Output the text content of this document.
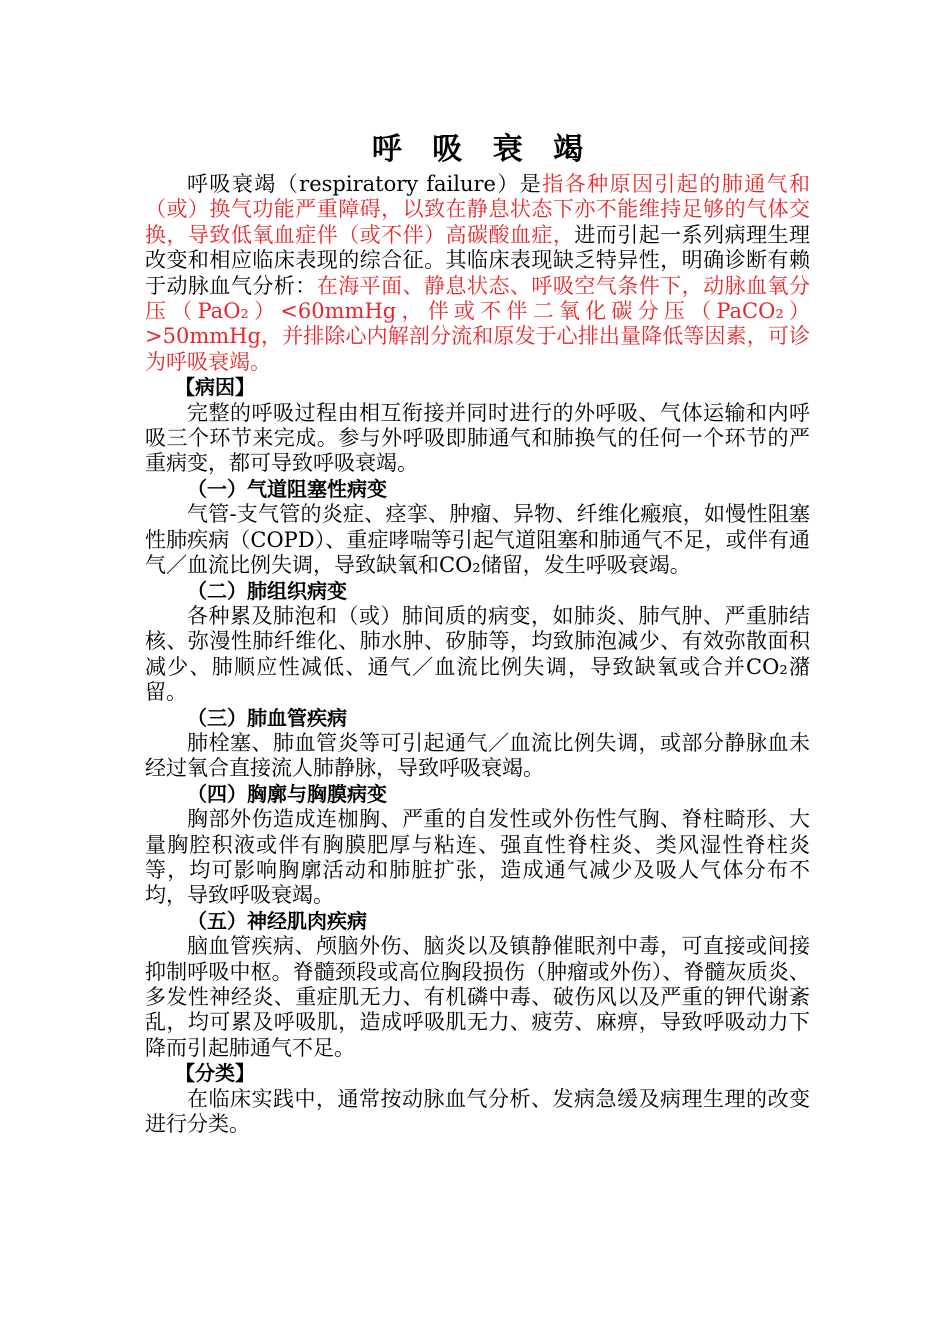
呼 吸 衰 竭

呼吸衰竭（respiratory failure）是指各种原因引起的肺通气和（或）换气功能严重障碍，以致在静息状态下亦不能维持足够的气体交换，导致低氧血症伴（或不伴）高碳酸血症，进而引起一系列病理生理改变和相应临床表现的综合征。其临床表现缺乏特异性，明确诊断有赖于动脉血气分析：在海平面、静息状态、呼吸空气条件下，动脉血氧分压（PaO₂）<60mmHg，伴或不伴二氧化碳分压（PaCO₂）>50mmHg，并排除心内解剖分流和原发于心排出量降低等因素，可诊为呼吸衰竭。

【病因】

完整的呼吸过程由相互衔接并同时进行的外呼吸、气体运输和内呼吸三个环节来完成。参与外呼吸即肺通气和肺换气的任何一个环节的严重病变，都可导致呼吸衰竭。

（一）气道阻塞性病变

气管-支气管的炎症、痉挛、肿瘤、异物、纤维化瘢痕，如慢性阻塞性肺疾病（COPD）、重症哮喘等引起气道阻塞和肺通气不足，或伴有通气／血流比例失调，导致缺氧和CO₂储留，发生呼吸衰竭。

（二）肺组织病变

各种累及肺泡和（或）肺间质的病变，如肺炎、肺气肿、严重肺结核、弥漫性肺纤维化、肺水肿、矽肺等，均致肺泡减少、有效弥散面积减少、肺顺应性减低、通气／血流比例失调，导致缺氧或合并CO₂潴留。

（三）肺血管疾病

肺栓塞、肺血管炎等可引起通气／血流比例失调，或部分静脉血未经过氧合直接流人肺静脉，导致呼吸衰竭。

（四）胸廓与胸膜病变

胸部外伤造成连枷胸、严重的自发性或外伤性气胸、脊柱畸形、大量胸腔积液或伴有胸膜肥厚与粘连、强直性脊柱炎、类风湿性脊柱炎等，均可影响胸廓活动和肺脏扩张，造成通气减少及吸人气体分布不均，导致呼吸衰竭。

（五）神经肌肉疾病

脑血管疾病、颅脑外伤、脑炎以及镇静催眠剂中毒，可直接或间接抑制呼吸中枢。脊髓颈段或高位胸段损伤（肿瘤或外伤）、脊髓灰质炎、多发性神经炎、重症肌无力、有机磷中毒、破伤风以及严重的钾代谢紊乱，均可累及呼吸肌，造成呼吸肌无力、疲劳、麻痹，导致呼吸动力下降而引起肺通气不足。

【分类】

在临床实践中，通常按动脉血气分析、发病急缓及病理生理的改变进行分类。
